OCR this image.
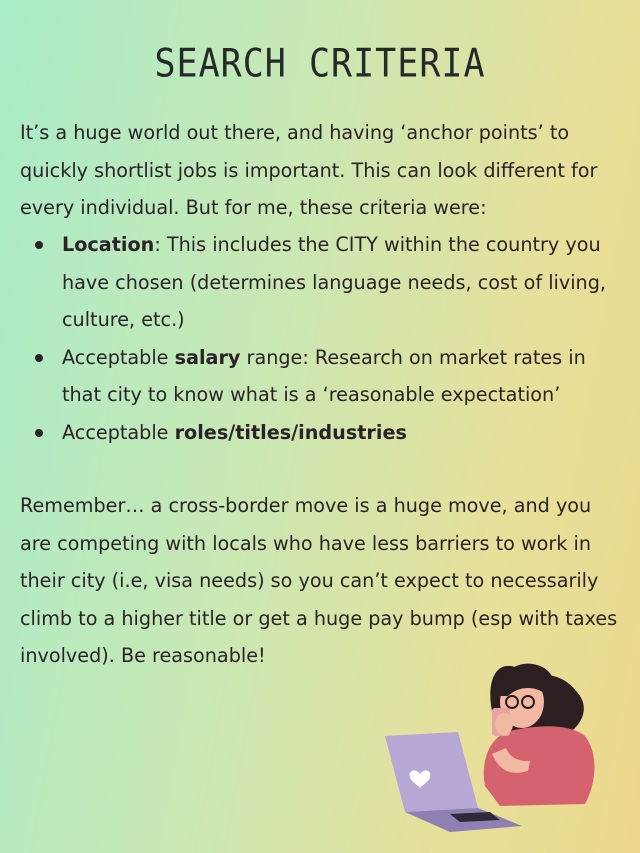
SEARCH CRITERIA

It’s a huge world out there, and having ‘anchor points’ to quickly shortlist jobs is important. This can look different for every individual. But for me, these criteria were:

Location: This includes the CITY within the country you have chosen (determines language needs, cost of living, culture, etc.)
Acceptable salary range: Research on market rates in that city to know what is a ‘reasonable expectation’
Acceptable roles/titles/industries

Remember… a cross-border move is a huge move, and you are competing with locals who have less barriers to work in their city (i.e, visa needs) so you can’t expect to necessarily climb to a higher title or get a huge pay bump (esp with taxes involved). Be reasonable!
